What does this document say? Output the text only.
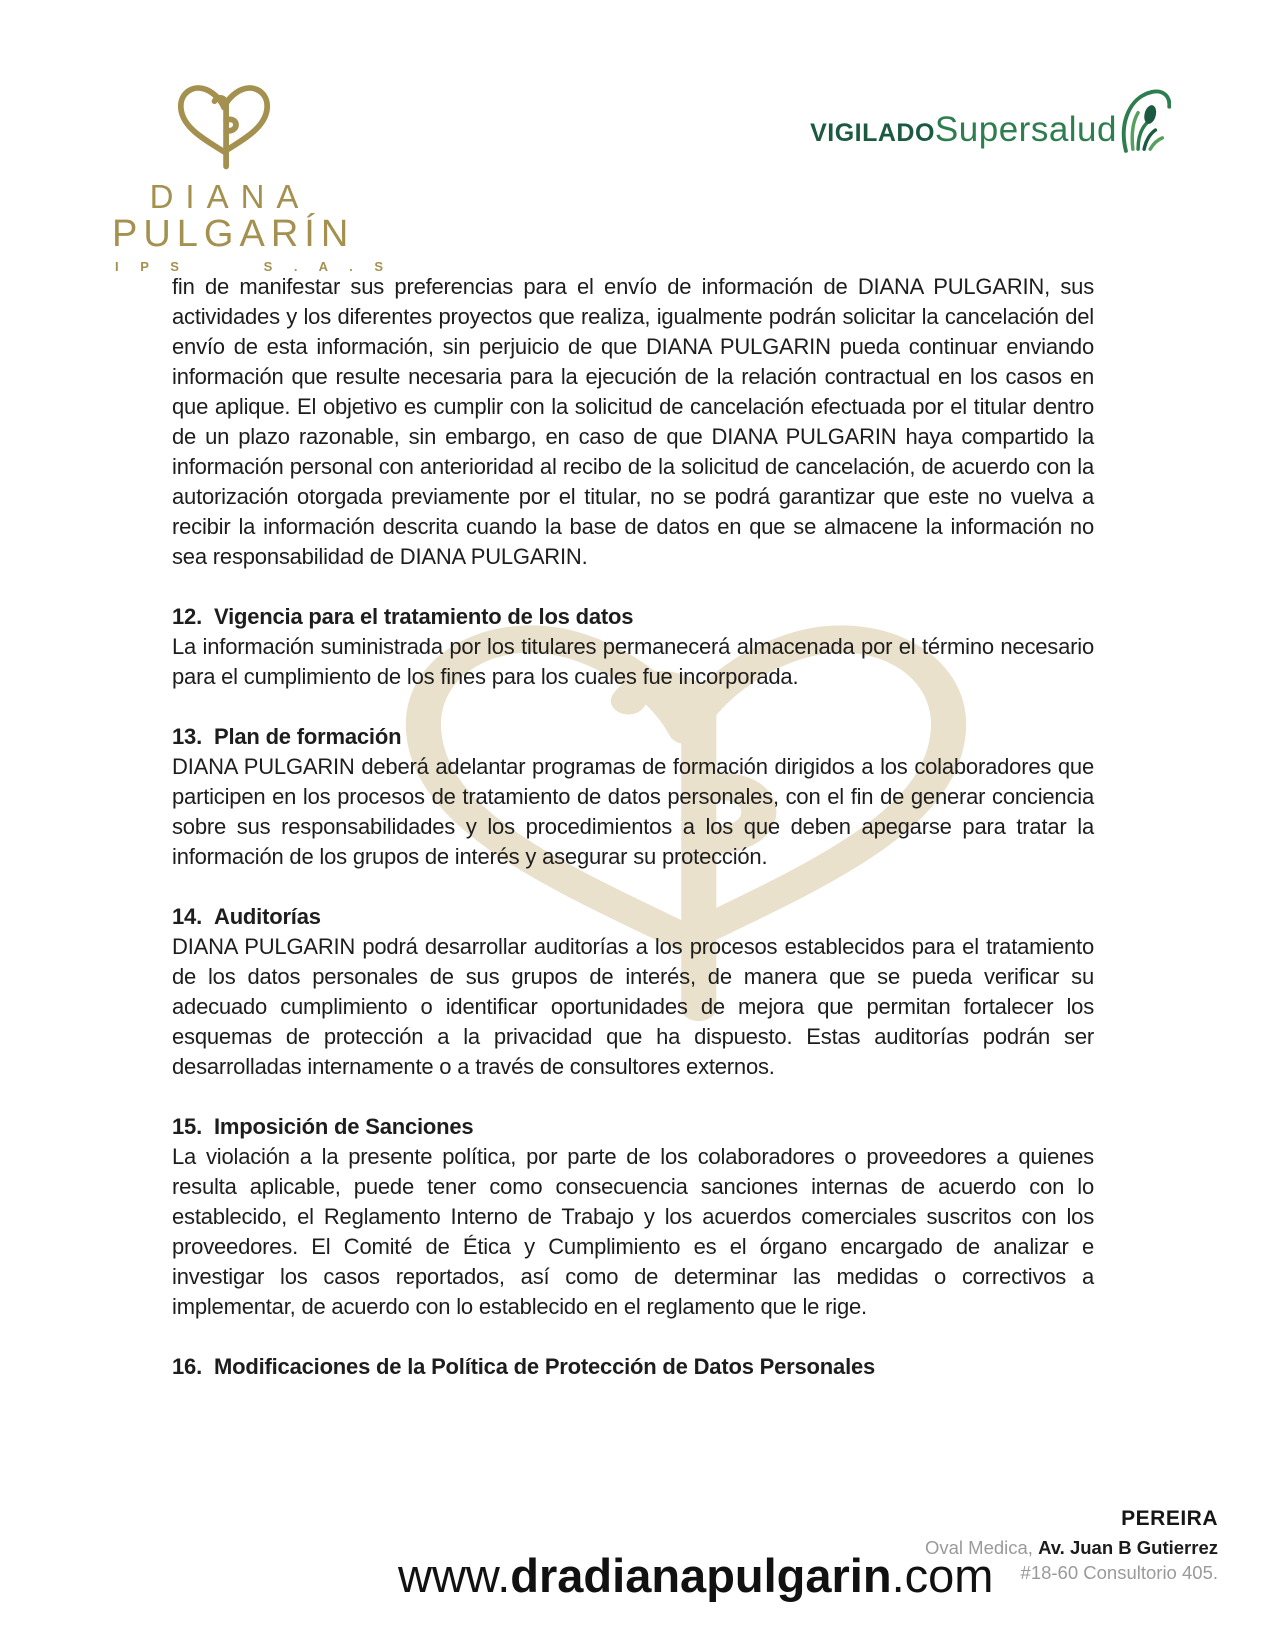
DIANA
PULGARÍN
I P S      S . A . S
VIGILADOSupersalud

fin de manifestar sus preferencias para el envío de información de DIANA PULGARIN, sus actividades y los diferentes proyectos que realiza, igualmente podrán solicitar la cancelación del envío de esta información, sin perjuicio de que DIANA PULGARIN pueda continuar enviando información que resulte necesaria para la ejecución de la relación contractual en los casos en que aplique. El objetivo es cumplir con la solicitud de cancelación efectuada por el titular dentro de un plazo razonable, sin embargo, en caso de que DIANA PULGARIN haya compartido la información personal con anterioridad al recibo de la solicitud de cancelación, de acuerdo con la autorización otorgada previamente por el titular, no se podrá garantizar que este no vuelva a recibir la información descrita cuando la base de datos en que se almacene la información no sea responsabilidad de DIANA PULGARIN.

12. Vigencia para el tratamiento de los datos

La información suministrada por los titulares permanecerá almacenada por el término necesario para el cumplimiento de los fines para los cuales fue incorporada.

13. Plan de formación

DIANA PULGARIN deberá adelantar programas de formación dirigidos a los colaboradores que participen en los procesos de tratamiento de datos personales, con el fin de generar conciencia sobre sus responsabilidades y los procedimientos a los que deben apegarse para tratar la información de los grupos de interés y asegurar su protección.

14. Auditorías

DIANA PULGARIN podrá desarrollar auditorías a los procesos establecidos para el tratamiento de los datos personales de sus grupos de interés, de manera que se pueda verificar su adecuado cumplimiento o identificar oportunidades de mejora que permitan fortalecer los esquemas de protección a la privacidad que ha dispuesto. Estas auditorías podrán ser desarrolladas internamente o a través de consultores externos.

15. Imposición de Sanciones

La violación a la presente política, por parte de los colaboradores o proveedores a quienes resulta aplicable, puede tener como consecuencia sanciones internas de acuerdo con lo establecido, el Reglamento Interno de Trabajo y los acuerdos comerciales suscritos con los proveedores. El Comité de Ética y Cumplimiento es el órgano encargado de analizar e investigar los casos reportados, así como de determinar las medidas o correctivos a implementar, de acuerdo con lo establecido en el reglamento que le rige.

16. Modificaciones de la Política de Protección de Datos Personales
www.dradianapulgarin.com
PEREIRA
Oval Medica, Av. Juan B Gutierrez
#18-60 Consultorio 405.
